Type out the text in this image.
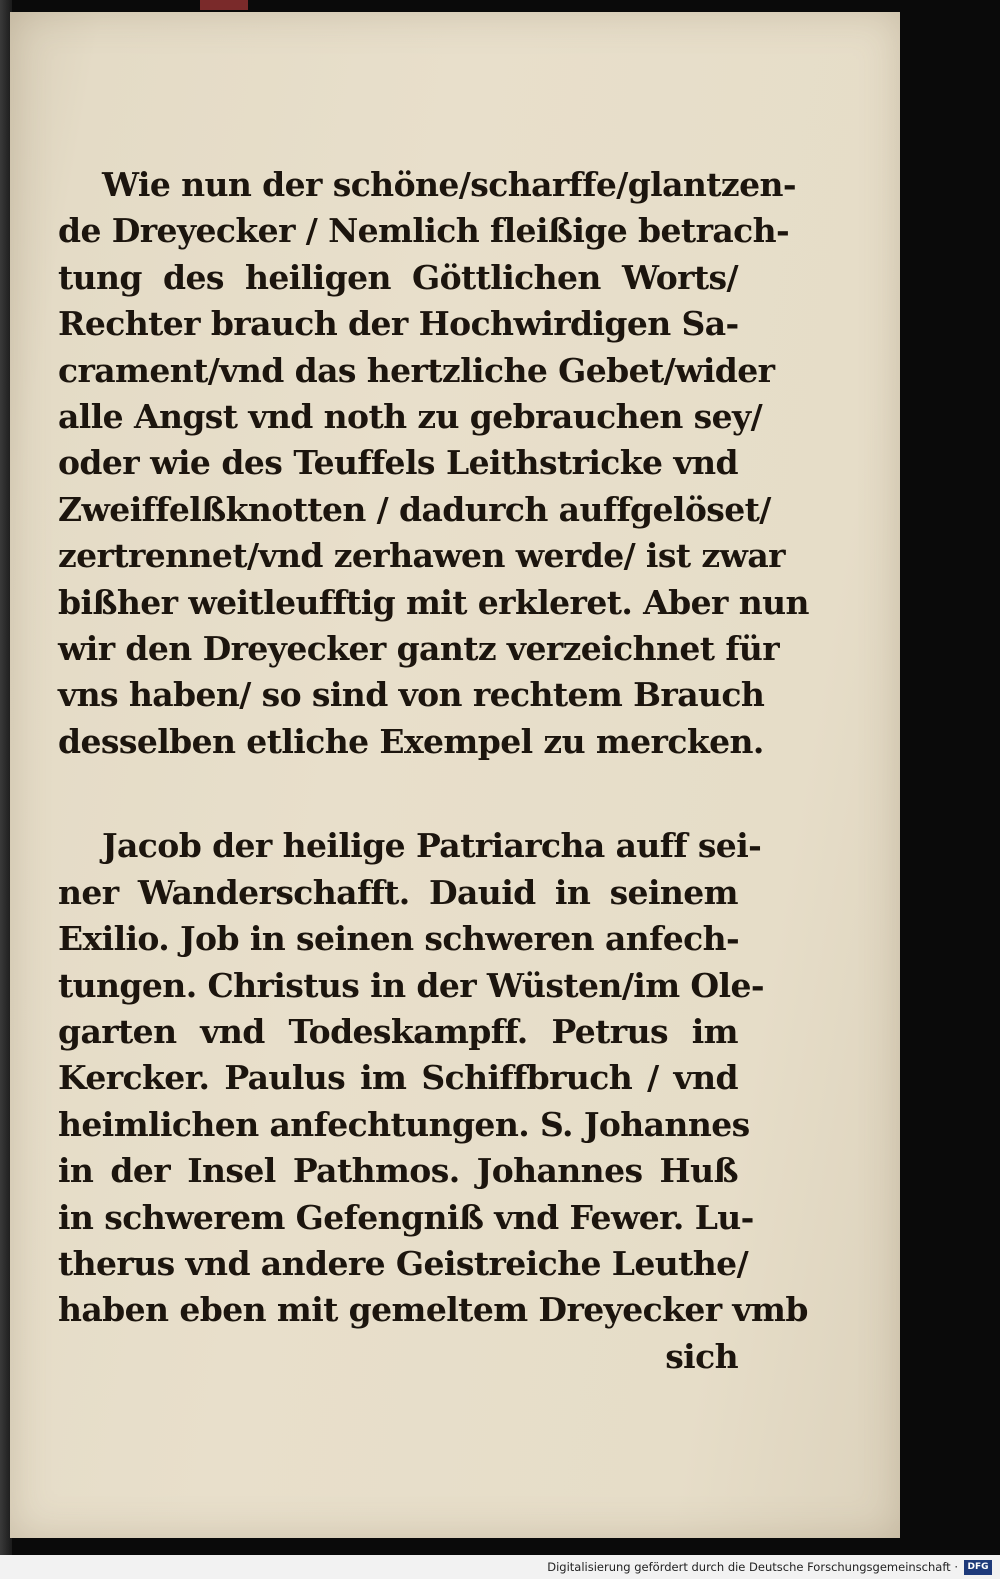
Wie nun der schöne/scharffe/glantzen-
de Dreyecker / Nemlich fleißige betrach-
tung des heiligen Göttlichen Worts/
Rechter brauch der Hochwirdigen Sa-
crament/vnd das hertzliche Gebet/wider
alle Angst vnd noth zu gebrauchen sey/
oder wie des Teuffels Leithstricke vnd
Zweiffelßknotten / dadurch auffgelöset/
zertrennet/vnd zerhawen werde/ ist zwar
bißher weitleufftig mit erkleret. Aber nun
wir den Dreyecker gantz verzeichnet für
vns haben/ so sind von rechtem Brauch
desselben etliche Exempel zu mercken.
Jacob der heilige Patriarcha auff sei-
ner Wanderschafft. Dauid in seinem
Exilio. Job in seinen schweren anfech-
tungen. Christus in der Wüsten/im Ole-
garten vnd Todeskampff. Petrus im
Kercker. Paulus im Schiffbruch / vnd
heimlichen anfechtungen. S. Johannes
in der Insel Pathmos. Johannes Huß
in schwerem Gefengniß vnd Fewer. Lu-
therus vnd andere Geistreiche Leuthe/
haben eben mit gemeltem Dreyecker vmb
sich
Digitalisierung gefördert durch die Deutsche Forschungsgemeinschaft ·	DFG
